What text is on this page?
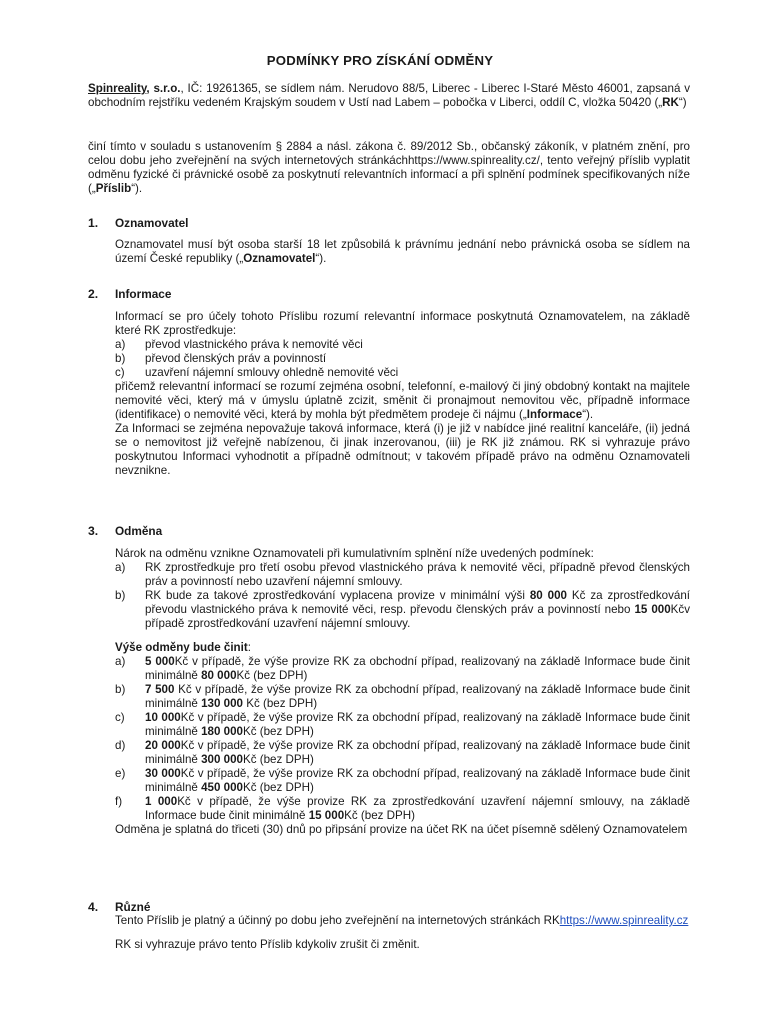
PODMÍNKY PRO ZÍSKÁNÍ ODMĚNY

Spinreality, s.r.o., IČ: 19261365, se sídlem nám. Nerudovo 88/5, Liberec - Liberec I-Staré Město 46001, zapsaná v obchodním rejstříku vedeném Krajským soudem v Ustí nad Labem – pobočka v Liberci, oddíl C, vložka 50420 („RK“)

činí tímto v souladu s ustanovením § 2884 a násl. zákona č. 89/2012 Sb., občanský zákoník, v platném znění, pro celou dobu jeho zveřejnění na svých internetových stránkáchhttps://www.spinreality.cz/, tento veřejný příslib vyplatit odměnu fyzické či právnické osobě za poskytnutí relevantních informací a při splnění podmínek specifikovaných níže („Příslib“).

1. Oznamovatel

Oznamovatel musí být osoba starší 18 let způsobilá k právnímu jednání nebo právnická osoba se sídlem na území České republiky („Oznamovatel“).

2. Informace

Informací se pro účely tohoto Příslibu rozumí relevantní informace poskytnutá Oznamovatelem, na základě které RK zprostředkuje:

a) převod vlastnického práva k nemovité věci
b) převod členských práv a povinností
c) uzavření nájemní smlouvy ohledně nemovité věci

přičemž relevantní informací se rozumí zejména osobní, telefonní, e-mailový či jiný obdobný kontakt na majitele nemovité věci, který má v úmyslu úplatně zcizit, směnit či pronajmout nemovitou věc, případně informace (identifikace) o nemovité věci, která by mohla být předmětem prodeje či nájmu („Informace“).

Za Informaci se zejména nepovažuje taková informace, která (i) je již v nabídce jiné realitní kanceláře, (ii) jedná se o nemovitost již veřejně nabízenou, či jinak inzerovanou, (iii) je RK již známou. RK si vyhrazuje právo poskytnutou Informaci vyhodnotit a případně odmítnout; v takovém případě právo na odměnu Oznamovateli nevznikne.

3. Odměna

Nárok na odměnu vznikne Oznamovateli při kumulativním splnění níže uvedených podmínek:

a) RK zprostředkuje pro třetí osobu převod vlastnického práva k nemovité věci, případně převod členských práv a povinností nebo uzavření nájemní smlouvy.
b) RK bude za takové zprostředkování vyplacena provize v minimální výši 80 000 Kč za zprostředkování převodu vlastnického práva k nemovité věci, resp. převodu členských práv a povinností nebo 15 000Kčv případě zprostředkování uzavření nájemní smlouvy.

Výše odměny bude činit:

a) 5 000Kč v případě, že výše provize RK za obchodní případ, realizovaný na základě Informace bude činit minimálně 80 000Kč (bez DPH)
b) 7 500 Kč v případě, že výše provize RK za obchodní případ, realizovaný na základě Informace bude činit minimálně 130 000 Kč (bez DPH)
c) 10 000Kč v případě, že výše provize RK za obchodní případ, realizovaný na základě Informace bude činit minimálně 180 000Kč (bez DPH)
d) 20 000Kč v případě, že výše provize RK za obchodní případ, realizovaný na základě Informace bude činit minimálně 300 000Kč (bez DPH)
e) 30 000Kč v případě, že výše provize RK za obchodní případ, realizovaný na základě Informace bude činit minimálně 450 000Kč (bez DPH)
f) 1 000Kč v případě, že výše provize RK za zprostředkování uzavření nájemní smlouvy, na základě Informace bude činit minimálně 15 000Kč (bez DPH)

Odměna je splatná do třiceti (30) dnů po připsání provize na účet RK na účet písemně sdělený Oznamovatelem

4. Různé

Tento Příslib je platný a účinný po dobu jeho zveřejnění na internetových stránkách RKhttps://www.spinreality.cz

RK si vyhrazuje právo tento Příslib kdykoliv zrušit či změnit.
